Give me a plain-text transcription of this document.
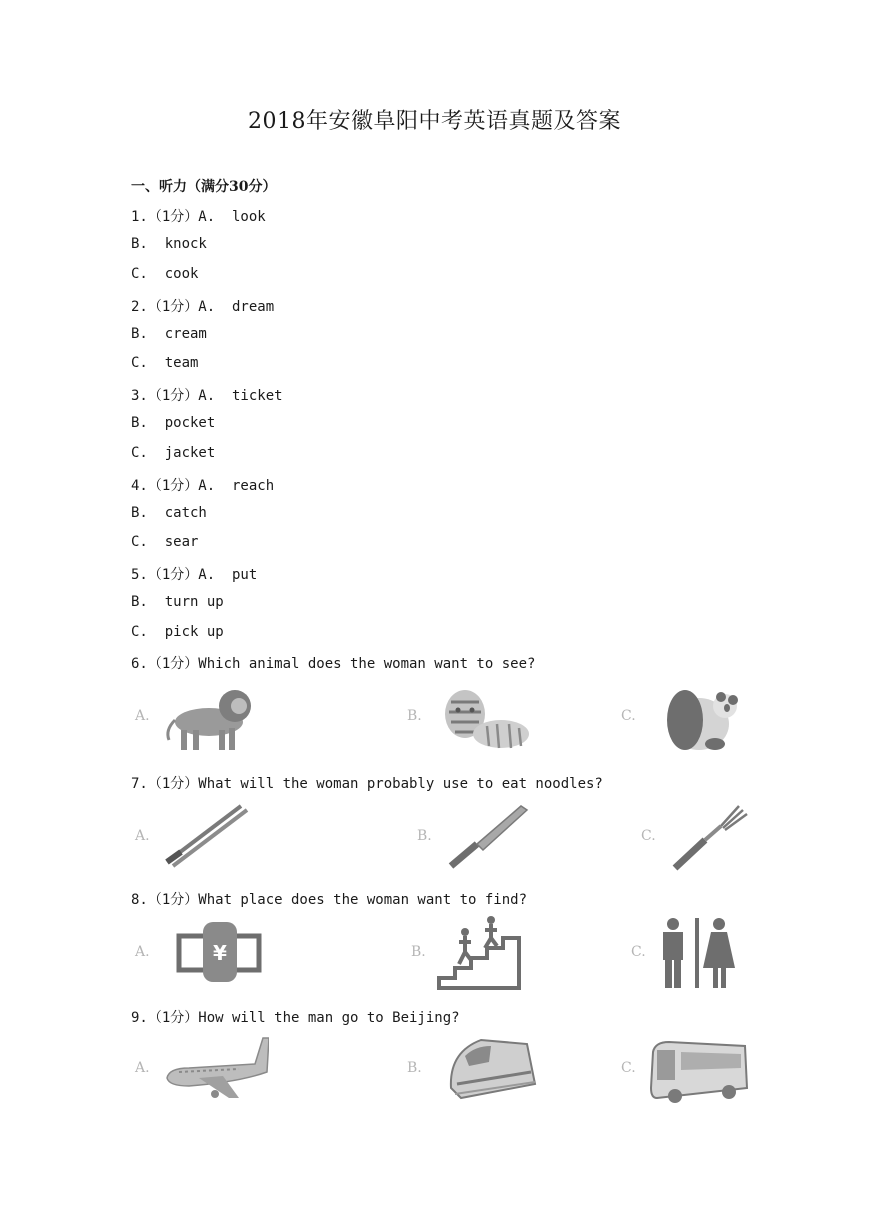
2018年安徽阜阳中考英语真题及答案
一、听力（满分30分）
1.（1分）A.  look
B.  knock
C.  cook
2.（1分）A.  dream
B.  cream
C.  team
3.（1分）A.  ticket
B.  pocket
C.  jacket
4.（1分）A.  reach
B.  catch
C.  sear
5.（1分）A.  put
B.  turn up
C.  pick up
6.（1分）Which animal does the woman want to see?
A.	B.	C.
7.（1分）What will the woman probably use to eat noodles?
A.	B.	C.
8.（1分）What place does the woman want to find?
A.	¥	B.	C.
9.（1分）How will the man go to Beijing?
A.	B.	C.
